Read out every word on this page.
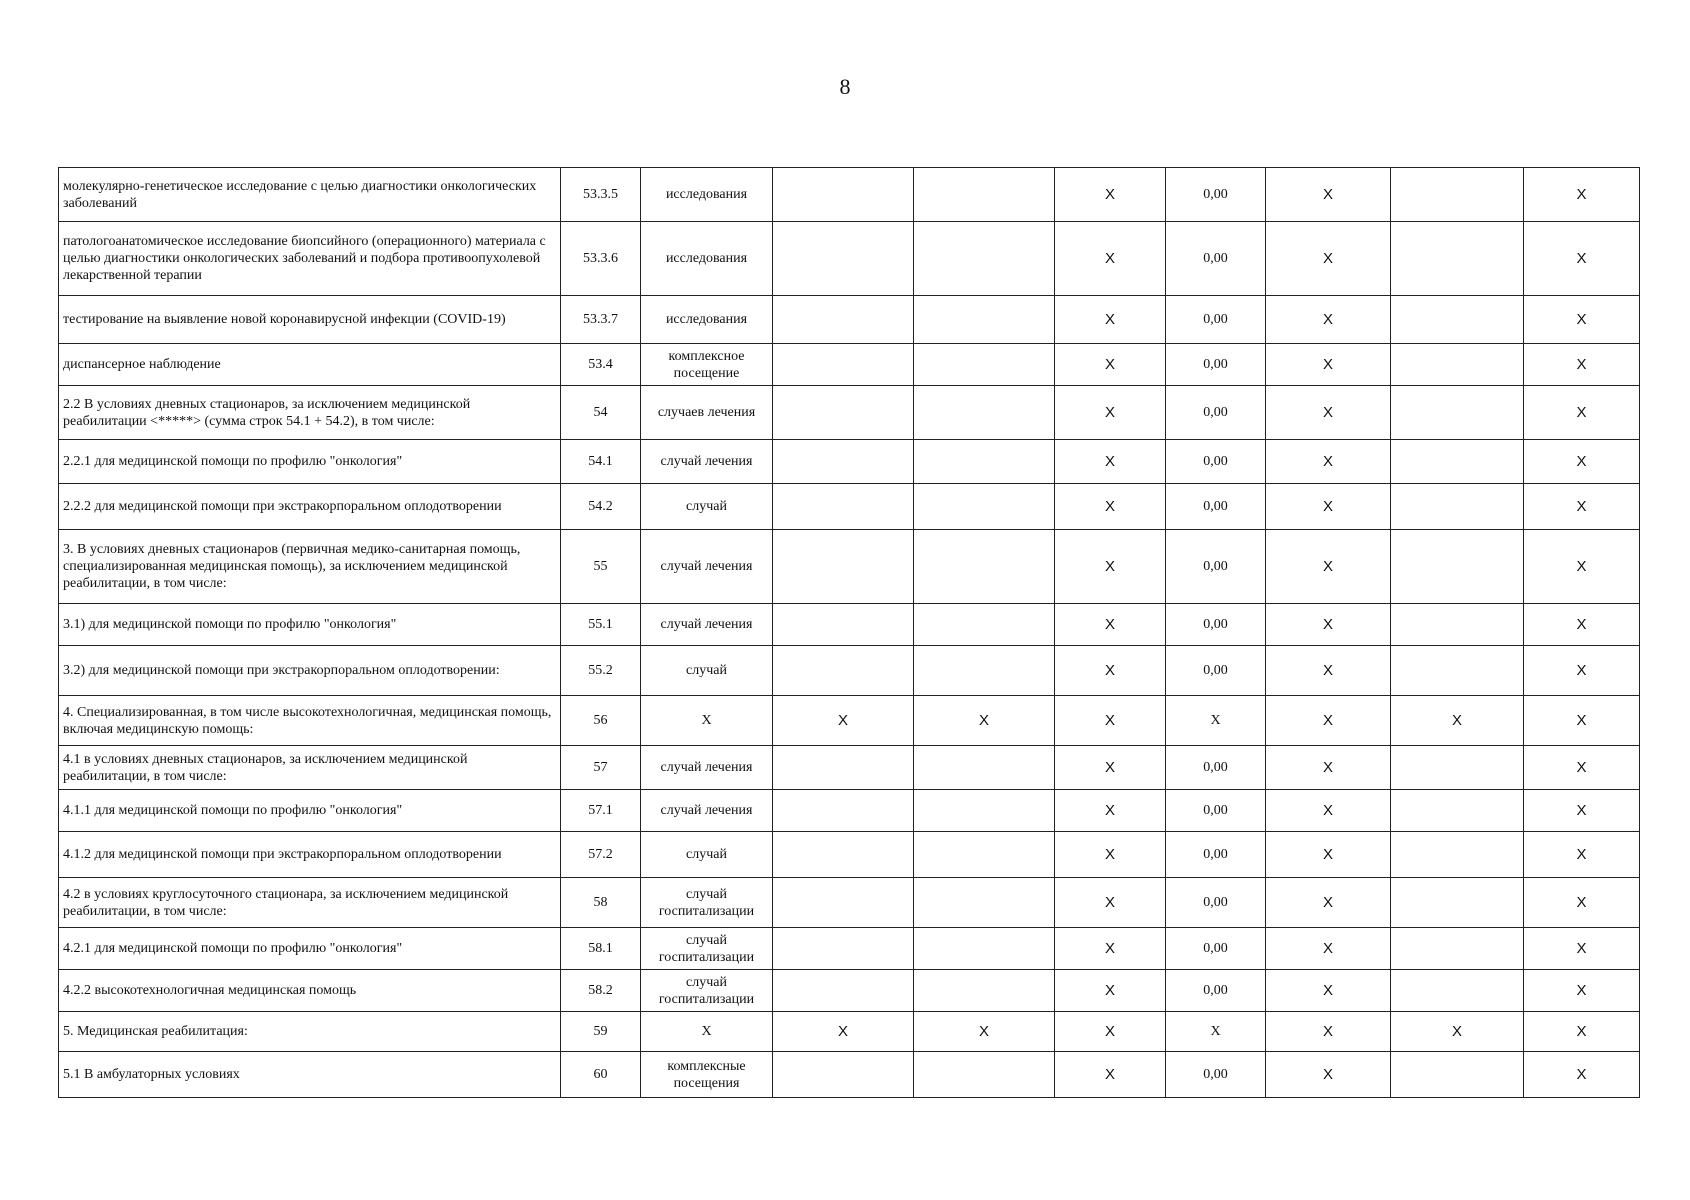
8
молекулярно-генетическое исследование с целью диагностики онкологических заболеваний	53.3.5	исследования			X	0,00	X		X
патологоанатомическое исследование биопсийного (операционного) материала с целью диагностики онкологических заболеваний и подбора противоопухолевой лекарственной терапии	53.3.6	исследования			X	0,00	X		X
тестирование на выявление новой коронавирусной инфекции (COVID-19)	53.3.7	исследования			X	0,00	X		X
диспансерное наблюдение	53.4	комплексное посещение			X	0,00	X		X
2.2 В условиях дневных стационаров, за исключением медицинской реабилитации <*****> (сумма строк 54.1 + 54.2), в том числе:	54	случаев лечения			X	0,00	X		X
2.2.1 для медицинской помощи по профилю "онкология"	54.1	случай лечения			X	0,00	X		X
2.2.2 для медицинской помощи при экстракорпоральном оплодотворении	54.2	случай			X	0,00	X		X
3. В условиях дневных стационаров (первичная медико-санитарная помощь, специализированная медицинская помощь), за исключением медицинской реабилитации, в том числе:	55	случай лечения			X	0,00	X		X
3.1) для медицинской помощи по профилю "онкология"	55.1	случай лечения			X	0,00	X		X
3.2) для медицинской помощи при экстракорпоральном оплодотворении:	55.2	случай			X	0,00	X		X
4. Специализированная, в том числе высокотехнологичная, медицинская помощь, включая медицинскую помощь:	56	X	X	X	X	X	X	X	X
4.1 в условиях дневных стационаров, за исключением медицинской реабилитации, в том числе:	57	случай лечения			X	0,00	X		X
4.1.1 для медицинской помощи по профилю "онкология"	57.1	случай лечения			X	0,00	X		X
4.1.2 для медицинской помощи при экстракорпоральном оплодотворении	57.2	случай			X	0,00	X		X
4.2 в условиях круглосуточного стационара, за исключением медицинской реабилитации, в том числе:	58	случай госпитализации			X	0,00	X		X
4.2.1 для медицинской помощи по профилю "онкология"	58.1	случай госпитализации			X	0,00	X		X
4.2.2 высокотехнологичная медицинская помощь	58.2	случай госпитализации			X	0,00	X		X
5. Медицинская реабилитация:	59	X	X	X	X	X	X	X	X
5.1 В амбулаторных условиях	60	комплексные посещения			X	0,00	X		X
